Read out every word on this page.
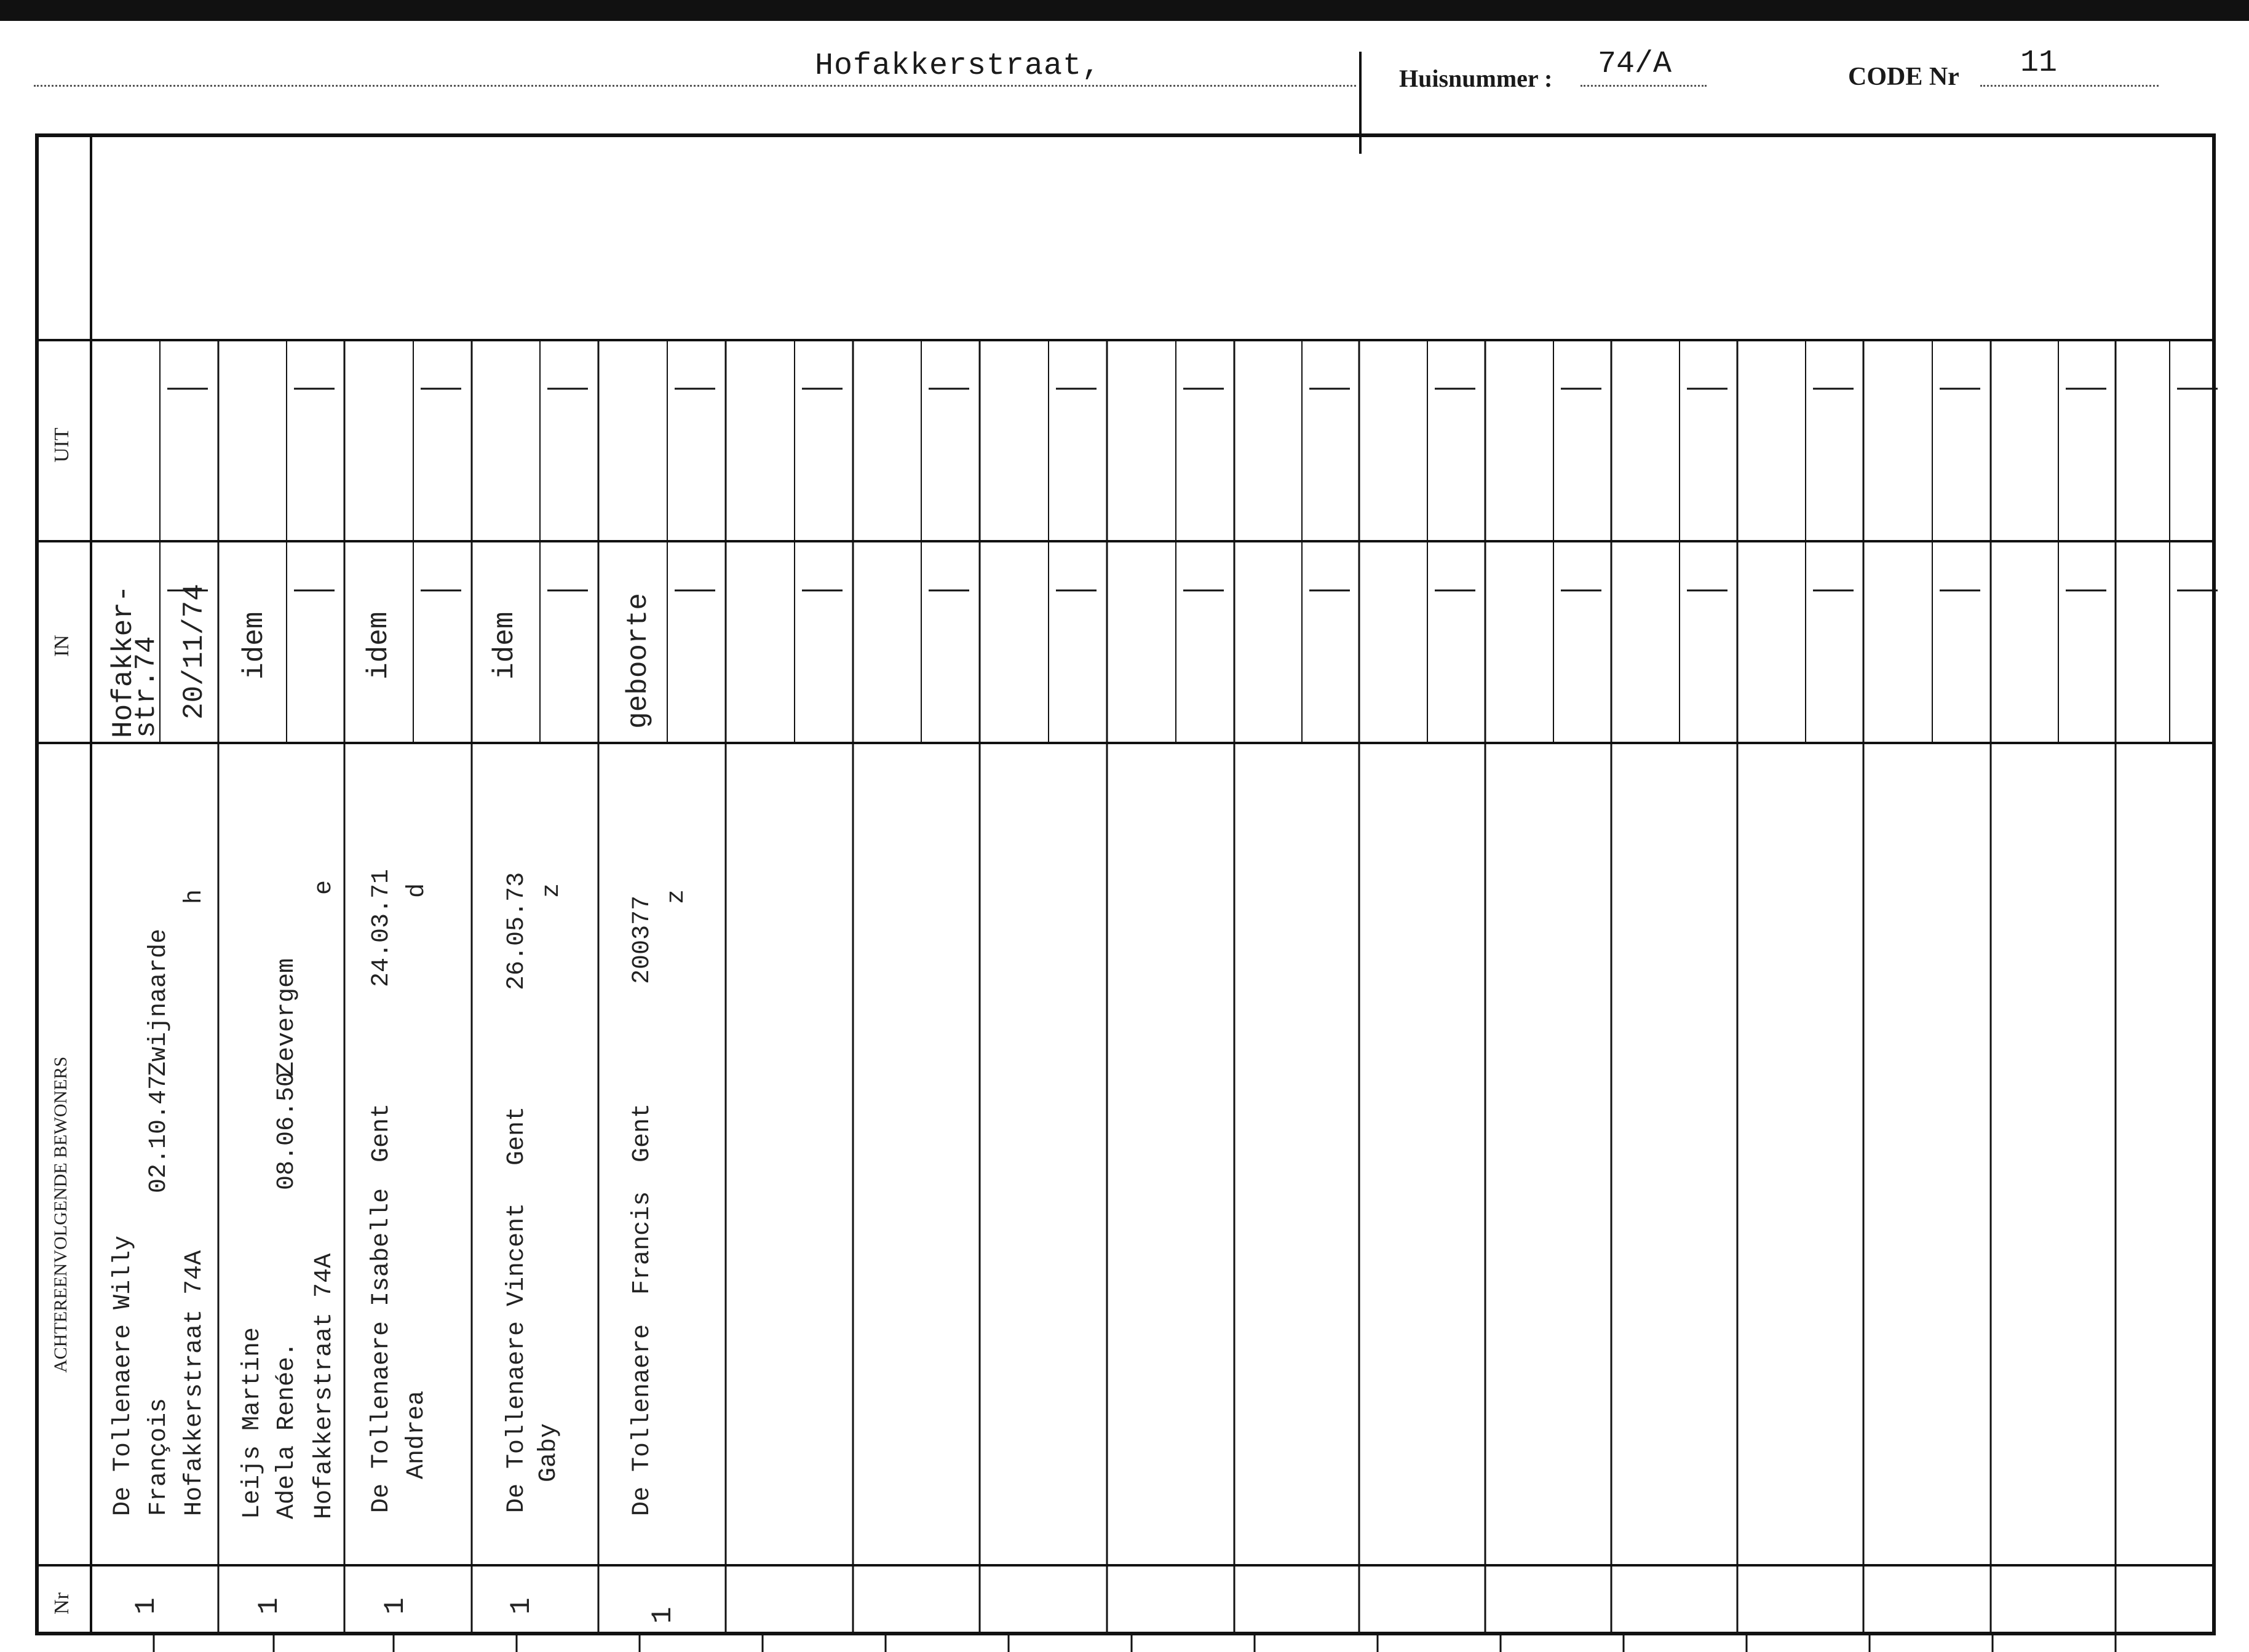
Hofakkerstraat,	Huisnummer : 74/A	CODE Nr 11
Nr
ACHTEREENVOLGENDE BEWONERS
IN
UIT
1
De Tollenaere Willy François
02.10.47
Zwijnaarde
Hofakkerstraat 74A
h
Hofakker-
str.74 20/11/74
1
Leijs Martine Adela Renée.
08.06.50
Zevergem
Hofakkerstraat 74A
e
idem
1
De Tollenaere Isabelle Andrea
Gent
24.03.71 d
idem
1
De Tollenaere Vincent Gaby
Gent
26.05.73 z
idem
1
De Tollenaere  Francis
Gent
200377 z
geboorte
